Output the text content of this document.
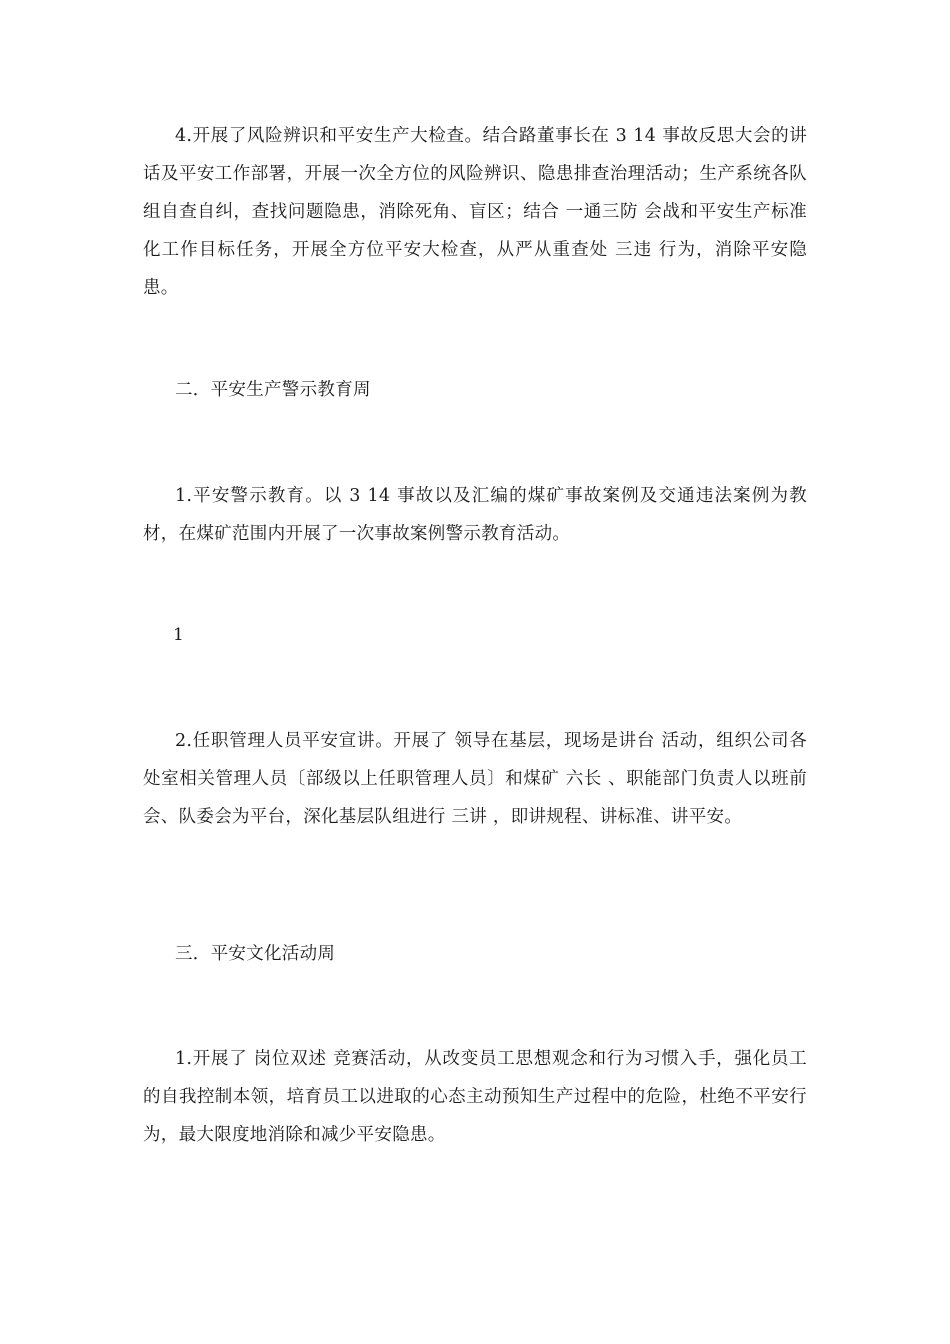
4.开展了风险辨识和平安生产大检查。结合路董事长在 3 14 事故反思大会的讲话及平安工作部署，开展一次全方位的风险辨识、隐患排查治理活动；生产系统各队组自查自纠，查找问题隐患，消除死角、盲区；结合 一通三防 会战和平安生产标准化工作目标任务，开展全方位平安大检查，从严从重查处 三违 行为，消除平安隐患。

二．平安生产警示教育周

1.平安警示教育。以 3 14 事故以及汇编的煤矿事故案例及交通违法案例为教材，在煤矿范围内开展了一次事故案例警示教育活动。

1

2.任职管理人员平安宣讲。开展了 领导在基层，现场是讲台 活动，组织公司各处室相关管理人员〔部级以上任职管理人员〕和煤矿 六长 、职能部门负责人以班前会、队委会为平台，深化基层队组进行 三讲 ，即讲规程、讲标准、讲平安。

三．平安文化活动周

1.开展了 岗位双述 竞赛活动，从改变员工思想观念和行为习惯入手，强化员工的自我控制本领，培育员工以进取的心态主动预知生产过程中的危险，杜绝不平安行为，最大限度地消除和减少平安隐患。
